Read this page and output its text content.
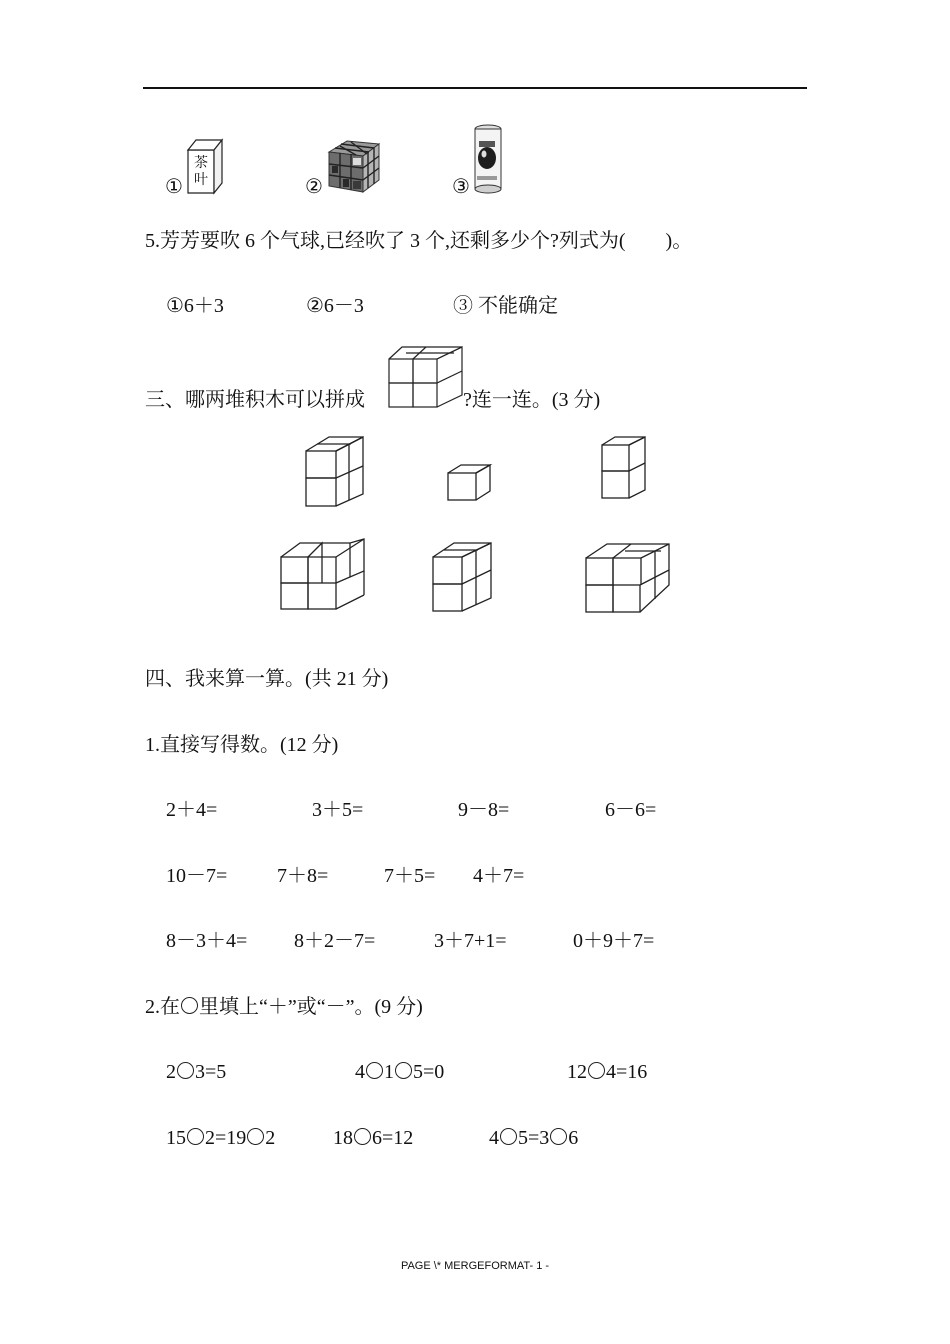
①
茶叶	②	③
5.芳芳要吹 6 个气球,已经吹了 3 个,还剩多少个?列式为(　　)。
①6＋3	②6－3	③ 不能确定
三、哪两堆积木可以拼成	?连一连。(3 分)
四、我来算一算。(共 21 分)
1.直接写得数。(12 分)
2＋4=	3＋5=	9－8=	6－6=
10－7= 7＋8=	7＋5= 4＋7=
8－3＋4= 8＋2－7=	3＋7+1=	0＋9＋7=
2.在 里填上“＋”或“－”。(9 分)
2 3=5	4 1 5=0	12 4=16
15 2=19 2	18 6=12	4 5=3 6
PAGE \* MERGEFORMAT- 1 -
